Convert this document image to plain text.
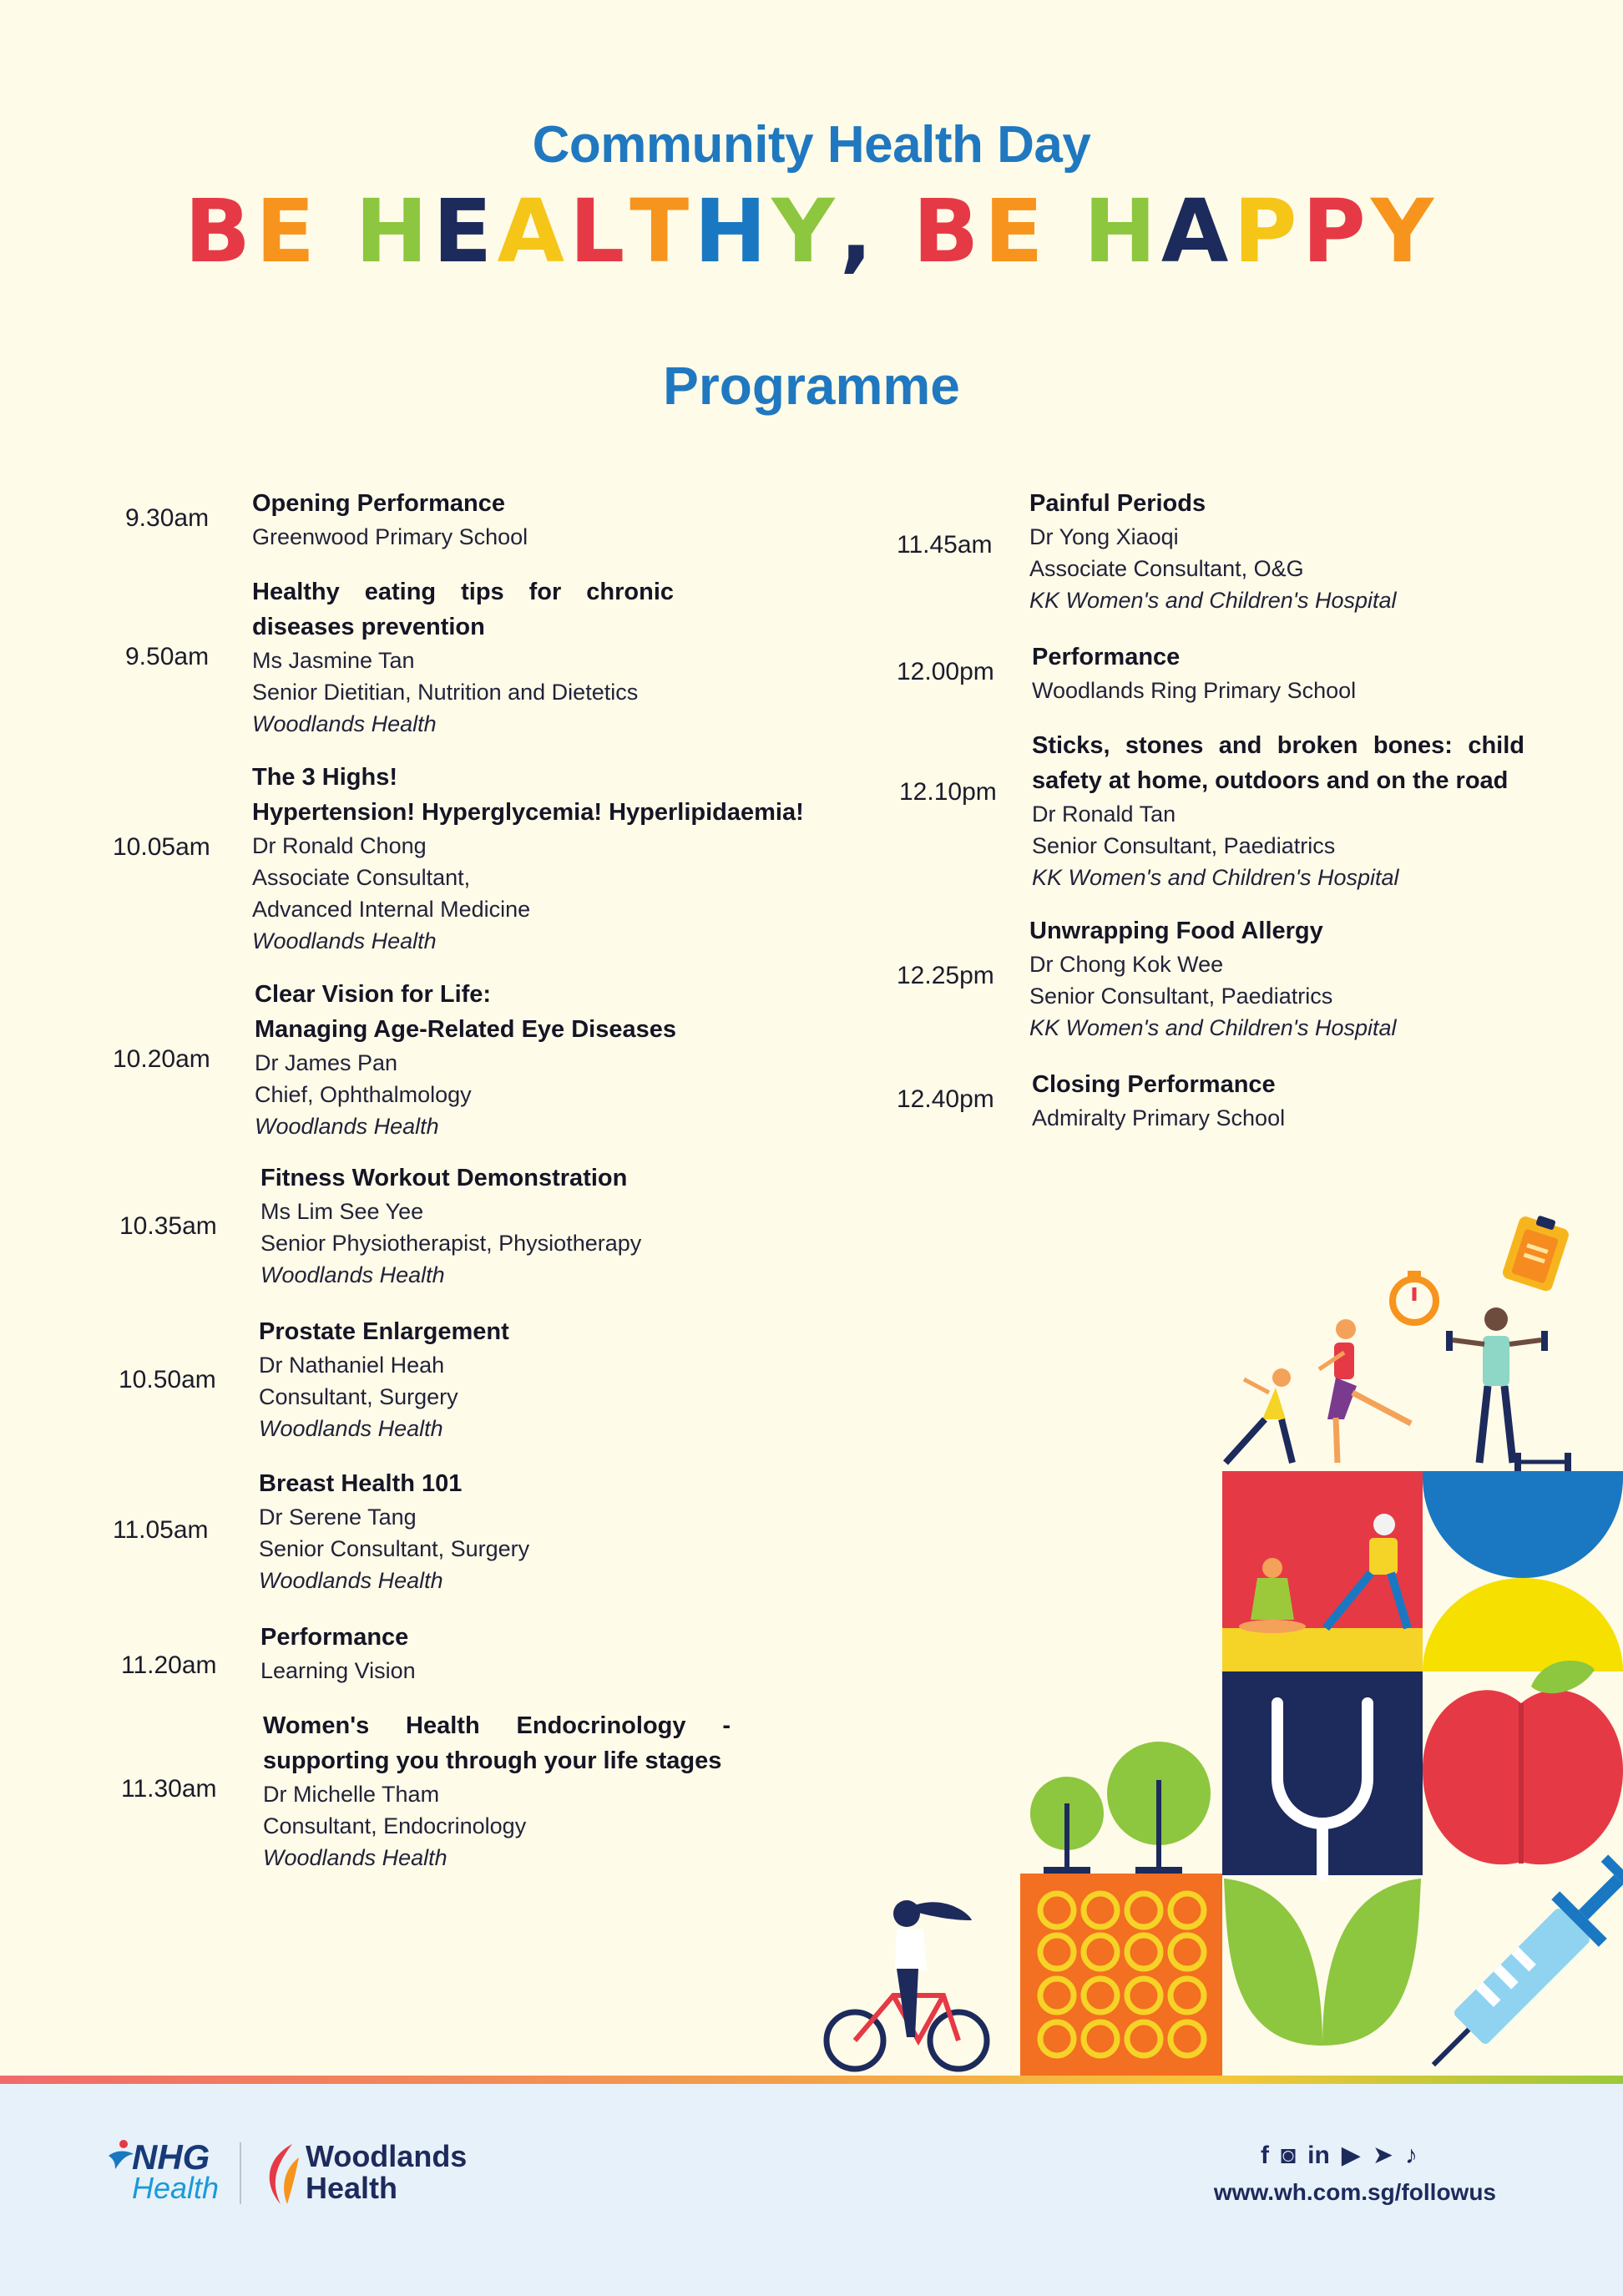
Community Health Day
BE HEALTHY, BE HAPPY
Programme
9.30am
Opening Performance
Greenwood Primary School
9.50am
Healthy eating tips for chronic
diseases prevention
Ms Jasmine Tan
Senior Dietitian, Nutrition and Dietetics
Woodlands Health
10.05am
The 3 Highs!
Hypertension! Hyperglycemia! Hyperlipidaemia!
Dr Ronald Chong
Associate Consultant,
Advanced Internal Medicine
Woodlands Health
10.20am
Clear Vision for Life:
Managing Age-Related Eye Diseases
Dr James Pan
Chief, Ophthalmology
Woodlands Health
10.35am
Fitness Workout Demonstration
Ms Lim See Yee
Senior Physiotherapist, Physiotherapy
Woodlands Health
10.50am
Prostate Enlargement
Dr Nathaniel Heah
Consultant, Surgery
Woodlands Health
11.05am
Breast Health 101
Dr Serene Tang
Senior Consultant, Surgery
Woodlands Health
11.20am
Performance
Learning Vision
11.30am
Women's Health Endocrinology -
supporting you through your life stages
Dr Michelle Tham
Consultant, Endocrinology
Woodlands Health
11.45am
Painful Periods
Dr Yong Xiaoqi
Associate Consultant, O&G
KK Women's and Children's Hospital
12.00pm
Performance
Woodlands Ring Primary School
12.10pm
Sticks, stones and broken bones: child
safety at home, outdoors and on the road
Dr Ronald Tan
Senior Consultant, Paediatrics
KK Women's and Children's Hospital
12.25pm
Unwrapping Food Allergy
Dr Chong Kok Wee
Senior Consultant, Paediatrics
KK Women's and Children's Hospital
12.40pm
Closing Performance
Admiralty Primary School
NHG
Health
Woodlands
Health
f ◙ in ▶ ➤ ♪
www.wh.com.sg/followus
